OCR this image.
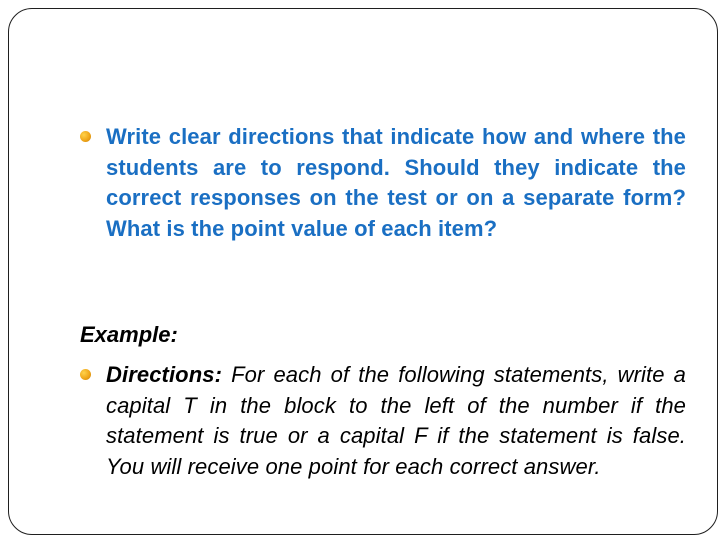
Write clear directions that indicate how and where the students are to respond. Should they indicate the correct responses on the test or on a separate form? What is the point value of each item?

Example:

Directions: For each of the following statements, write a capital T in the block to the left of the number if the statement is true or a capital F if the statement is false. You will receive one point for each correct answer.
